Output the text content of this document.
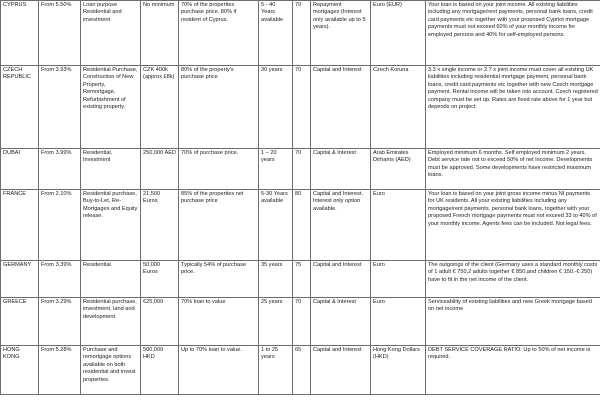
CYPRUS	From 5.50%	Loan purpose Residential and investment	No minimum	70% of the properties purchase price. 80% if resident of Cyprus.	5 - 40 Years available	70	Repayment mortgages (Interest only available up to 5 years).	Euro (EUR)	Your loan is based on your joint income. All existing liabilities including any mortgage/rent payments, personal bank loans, credit card payments etc together with your proposed Cypriot mortgage payments must not exceed 60% of your monthly income for employed persons and 40% for self-employed persons.
CZECH REPUBLIC	From 3.93%	Residential Purchase, Construction of New Property, Remortgage, Refurbishment of existing property.	CZK 400k (approx £8k)	80% of the property's purchase price	30 years	70	Capital and Interest	Czech Koruna	3.3 x single income or 2.7 x joint income must cover all existing UK liabilities including residential mortgage payment, personal bank loans, credit card payments etc together with new Czech mortgage payment. Rental income will be taken into account. Czech registered company must be set up. Rates are fixed rate above for 1 year but depends on project.
DUBAI	From 3.99%	Residential, Investment	250,000 AED	70% of purchase price.	1 – 20 years	70	Capital & Interest	Arab Emirates Dirhams (AED)	Employed minimum 6 months. Self employed minimum 2 years. Debt service rate not to exceed 50% of net income. Developments must be approved. Some developments have restricted maximum loans.
FRANCE	From 2.10%	Residential purchase, Buy-to-Let, Re-Mortgages and Equity release.	21,500 Euros	85% of the properties net purchase price	5-30 Years available	80	Capital and Interest. Interest only option available.	Euro	Your loan is based on your joint gross income minus NI payments for UK residents. All your existing liabilities including any mortgage/rent payments, personal bank loans, together with your proposed French mortgage payments must not exceed 33 to 40% of your monthly income. Agents fees can be included. Not legal fees.
GERMANY	From 3.39%	Residential.	50,000 Euros	Typically 54% of purchase price.	35 years	75	Capital and Interest	Euro	The outgoings of the client (Germany uses a standard monthly costs of 1 adult € 750,2 adults together € 850,and children € 150.-€ 250) have to fit in the net income of the client.
GREECE	From 3.29%	Residential purchase, investment, land and development.	€25,000	70% loan to value	25 years	70	Capital & Interest	Euro	Serviceability of existing liabilities and new Greek mortgage based on net income
HONG KONG	From 5.28%	Purchase and remortgage options available on both residential and invest properties.	500,000 HKD	Up to 70% loan to value.	1 to 25 years	65	Capital and Interest	Hong Kong Dollars (HKD)	DEBT SERVICE COVERAGE RATIO: Up to 50% of net income is required.
